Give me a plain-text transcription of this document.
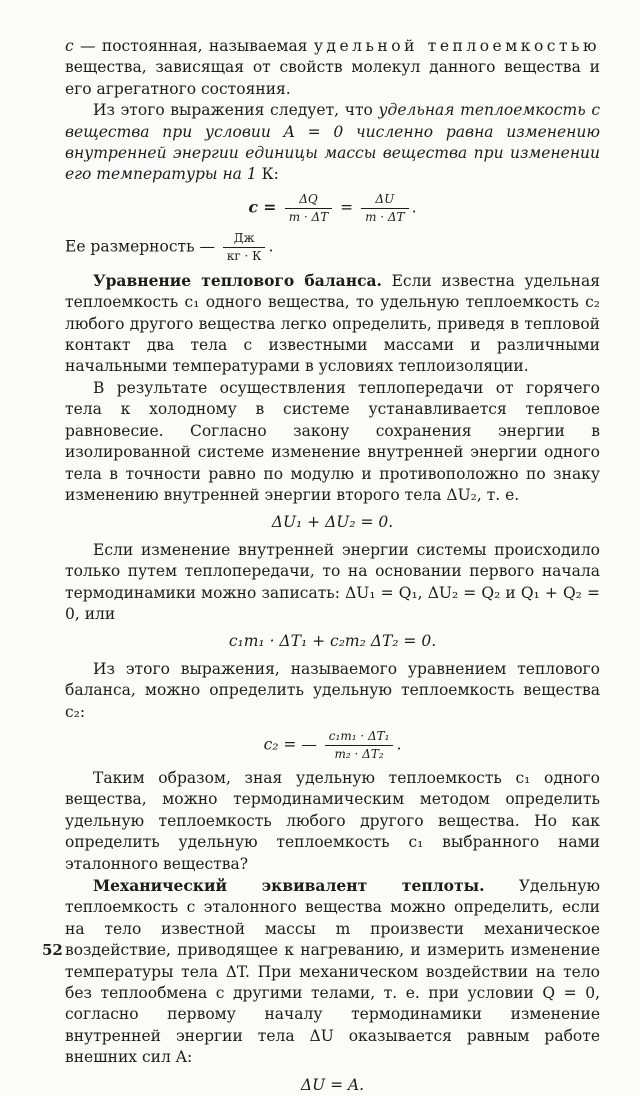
c — постоянная, называемая удельной теплоемкостью вещества, зависящая от свойств молекул данного вещества и его агрегатного состояния.

Из этого выражения следует, что удельная теплоемкость c вещества при условии A = 0 численно равна изменению внутренней энергии единицы массы вещества при изменении его температуры на 1 К:

$c = \frac{\Delta Q}{m \cdot \Delta T} = \frac{\Delta U}{m \cdot \Delta T}$ .
Ее размерность — $\frac{Дж}{кг \cdot К}$ .

Уравнение теплового баланса. Если известна удельная теплоемкость c₁ одного вещества, то удельную теплоемкость c₂ любого другого вещества легко определить, приведя в тепловой контакт два тела с известными массами и различными начальными температурами в условиях теплоизоляции.

В результате осуществления теплопередачи от горячего тела к холодному в системе устанавливается тепловое равновесие. Согласно закону сохранения энергии в изолированной системе изменение внутренней энергии одного тела в точности равно по модулю и противоположно по знаку изменению внутренней энергии второго тела ΔU₂, т. е.

ΔU₁ + ΔU₂ = 0.

Если изменение внутренней энергии системы происходило только путем теплопередачи, то на основании первого начала термодинамики можно записать: ΔU₁ = Q₁, ΔU₂ = Q₂ и Q₁ + Q₂ = 0, или

c₁m₁ · ΔT₁ + c₂m₂ ΔT₂ = 0.

Из этого выражения, называемого уравнением теплового баланса, можно определить удельную теплоемкость вещества c₂:

c₂ = — $\frac{\text{c₁m₁ · ΔT₁}}{\text{m₂ · ΔT₂}}$ .

Таким образом, зная удельную теплоемкость c₁ одного вещества, можно термодинамическим методом определить удельную теплоемкость любого другого вещества. Но как определить удельную теплоемкость c₁ выбранного нами эталонного вещества?

Механический эквивалент теплоты. Удельную теплоемкость c эталонного вещества можно определить, если на тело известной массы m произвести механическое воздействие, приводящее к нагреванию, и измерить изменение температуры тела ΔT. При механическом воздействии на тело без теплообмена с другими телами, т. е. при условии Q = 0, согласно первому началу термодинамики изменение внутренней энергии тела ΔU оказывается равным работе внешних сил A:

ΔU = A.
52
